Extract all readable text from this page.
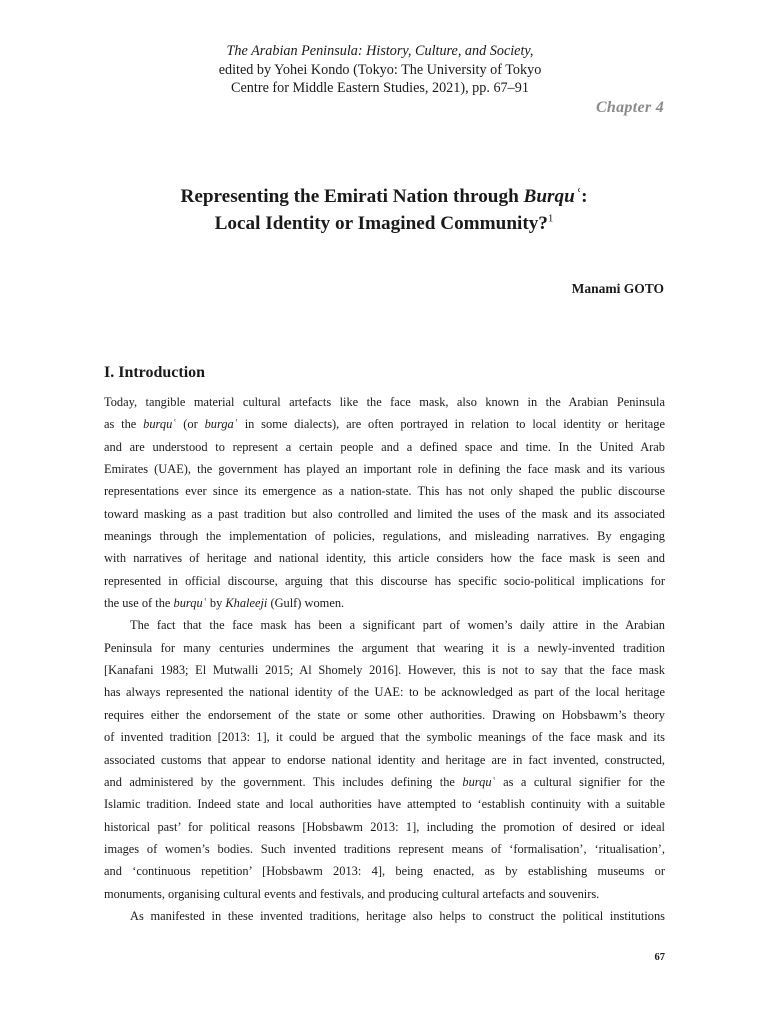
The Arabian Peninsula: History, Culture, and Society,
edited by Yohei Kondo (Tokyo: The University of Tokyo
Centre for Middle Eastern Studies, 2021), pp. 67–91
Chapter 4
Representing the Emirati Nation through Burquʿ:
Local Identity or Imagined Community?$^1$
Manami GOTO
I. Introduction
Today, tangible material cultural artefacts like the face mask, also known in the Arabian Peninsula
as the burquʿ (or burgaʿ in some dialects), are often portrayed in relation to local identity or heritage
and are understood to represent a certain people and a defined space and time. In the United Arab
Emirates (UAE), the government has played an important role in defining the face mask and its various
representations ever since its emergence as a nation-state. This has not only shaped the public discourse
toward masking as a past tradition but also controlled and limited the uses of the mask and its associated
meanings through the implementation of policies, regulations, and misleading narratives. By engaging
with narratives of heritage and national identity, this article considers how the face mask is seen and
represented in official discourse, arguing that this discourse has specific socio-political implications for
the use of the burquʿ by Khaleeji (Gulf) women.
The fact that the face mask has been a significant part of women’s daily attire in the Arabian
Peninsula for many centuries undermines the argument that wearing it is a newly-invented tradition
[Kanafani 1983; El Mutwalli 2015; Al Shomely 2016]. However, this is not to say that the face mask
has always represented the national identity of the UAE: to be acknowledged as part of the local heritage
requires either the endorsement of the state or some other authorities. Drawing on Hobsbawm’s theory
of invented tradition [2013: 1], it could be argued that the symbolic meanings of the face mask and its
associated customs that appear to endorse national identity and heritage are in fact invented, constructed,
and administered by the government. This includes defining the burquʿ as a cultural signifier for the
Islamic tradition. Indeed state and local authorities have attempted to ‘establish continuity with a suitable
historical past’ for political reasons [Hobsbawm 2013: 1], including the promotion of desired or ideal
images of women’s bodies. Such invented traditions represent means of ‘formalisation’, ‘ritualisation’,
and ‘continuous repetition’ [Hobsbawm 2013: 4], being enacted, as by establishing museums or
monuments, organising cultural events and festivals, and producing cultural artefacts and souvenirs.
As manifested in these invented traditions, heritage also helps to construct the political institutions
67
